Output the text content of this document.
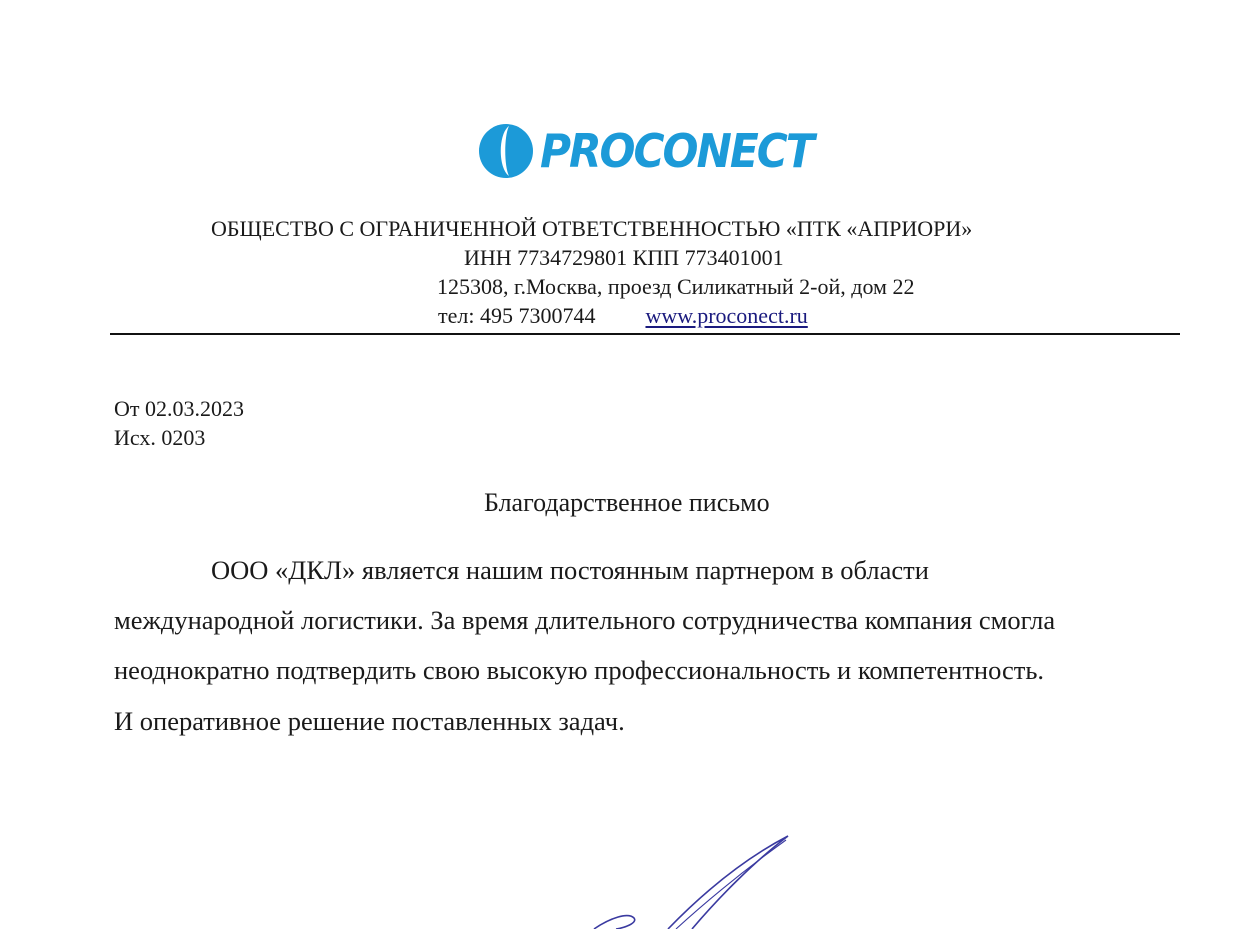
PROCONECT
ОБЩЕСТВО С ОГРАНИЧЕННОЙ ОТВЕТСТВЕННОСТЬЮ «ПТК «АПРИОРИ»
ИНН 7734729801 КПП 773401001
125308, г.Москва, проезд Силикатный 2-ой, дом 22
тел: 495 7300744 www.proconect.ru
От 02.03.2023
Исх. 0203
Благодарственное письмо
ООО «ДКЛ» является нашим постоянным партнером в области
международной логистики. За время длительного сотрудничества компания смогла
неоднократно подтвердить свою высокую профессиональность и компетентность.
И оперативное решение поставленных задач.
